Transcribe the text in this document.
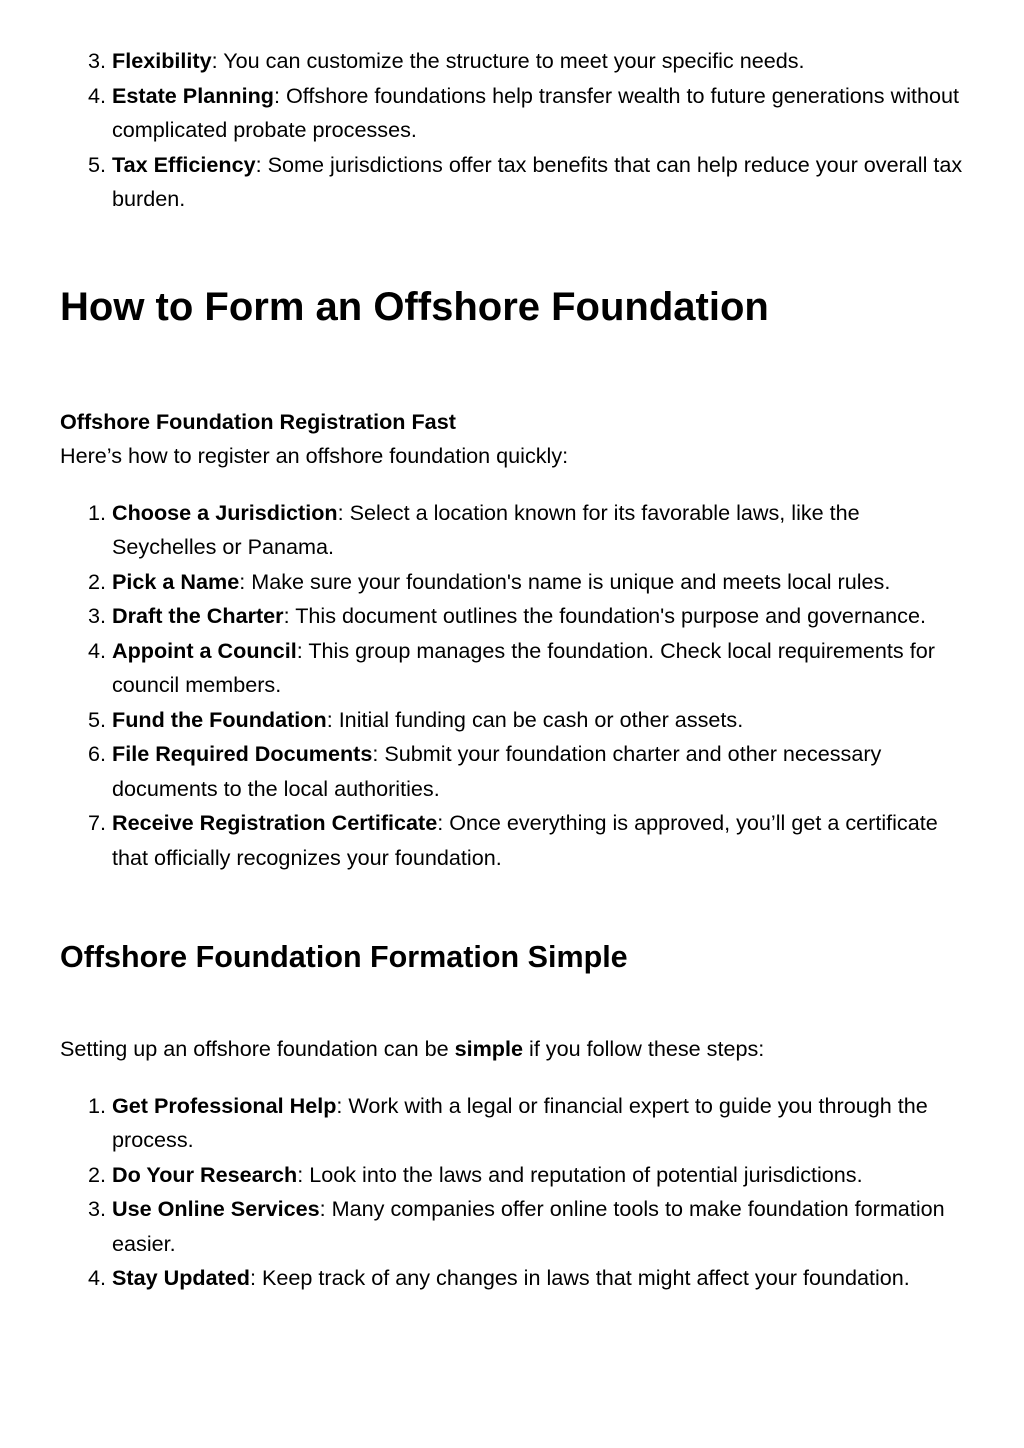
3. Flexibility: You can customize the structure to meet your specific needs.
4. Estate Planning: Offshore foundations help transfer wealth to future generations without complicated probate processes.
5. Tax Efficiency: Some jurisdictions offer tax benefits that can help reduce your overall tax burden.
How to Form an Offshore Foundation

Offshore Foundation Registration Fast

Here’s how to register an offshore foundation quickly:

1. Choose a Jurisdiction: Select a location known for its favorable laws, like the Seychelles or Panama.
2. Pick a Name: Make sure your foundation's name is unique and meets local rules.
3. Draft the Charter: This document outlines the foundation's purpose and governance.
4. Appoint a Council: This group manages the foundation. Check local requirements for council members.
5. Fund the Foundation: Initial funding can be cash or other assets.
6. File Required Documents: Submit your foundation charter and other necessary documents to the local authorities.
7. Receive Registration Certificate: Once everything is approved, you’ll get a certificate that officially recognizes your foundation.
Offshore Foundation Formation Simple

Setting up an offshore foundation can be simple if you follow these steps:

1. Get Professional Help: Work with a legal or financial expert to guide you through the process.
2. Do Your Research: Look into the laws and reputation of potential jurisdictions.
3. Use Online Services: Many companies offer online tools to make foundation formation easier.
4. Stay Updated: Keep track of any changes in laws that might affect your foundation.
